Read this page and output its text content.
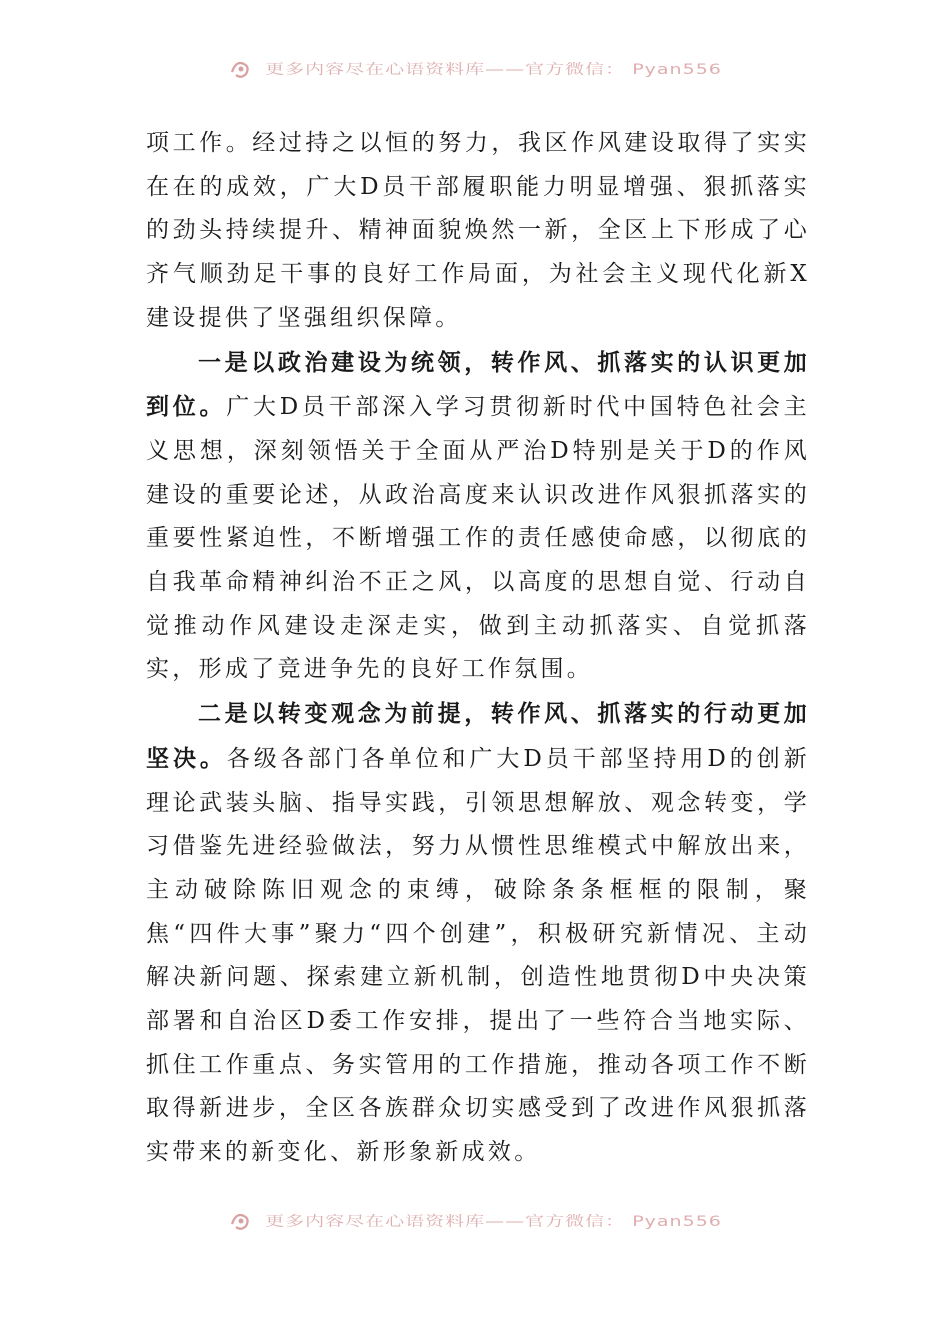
更多内容尽在心语资料库——官方微信： Pyan556

项工作。经过持之以恒的努力，我区作风建设取得了实实在在的成效，广大D员干部履职能力明显增强、狠抓落实的劲头持续提升、精神面貌焕然一新，全区上下形成了心齐气顺劲足干事的良好工作局面，为社会主义现代化新X建设提供了坚强组织保障。

一是以政治建设为统领，转作风、抓落实的认识更加到位。广大D员干部深入学习贯彻新时代中国特色社会主义思想，深刻领悟关于全面从严治D特别是关于D的作风建设的重要论述，从政治高度来认识改进作风狠抓落实的重要性紧迫性，不断增强工作的责任感使命感，以彻底的自我革命精神纠治不正之风，以高度的思想自觉、行动自觉推动作风建设走深走实，做到主动抓落实、自觉抓落实，形成了竞进争先的良好工作氛围。

二是以转变观念为前提，转作风、抓落实的行动更加坚决。各级各部门各单位和广大D员干部坚持用D的创新理论武装头脑、指导实践，引领思想解放、观念转变，学习借鉴先进经验做法，努力从惯性思维模式中解放出来，主动破除陈旧观念的束缚，破除条条框框的限制，聚焦“四件大事”聚力“四个创建”，积极研究新情况、主动解决新问题、探索建立新机制，创造性地贯彻D中央决策部署和自治区D委工作安排，提出了一些符合当地实际、抓住工作重点、务实管用的工作措施，推动各项工作不断取得新进步，全区各族群众切实感受到了改进作风狠抓落实带来的新变化、新形象新成效。

更多内容尽在心语资料库——官方微信： Pyan556
